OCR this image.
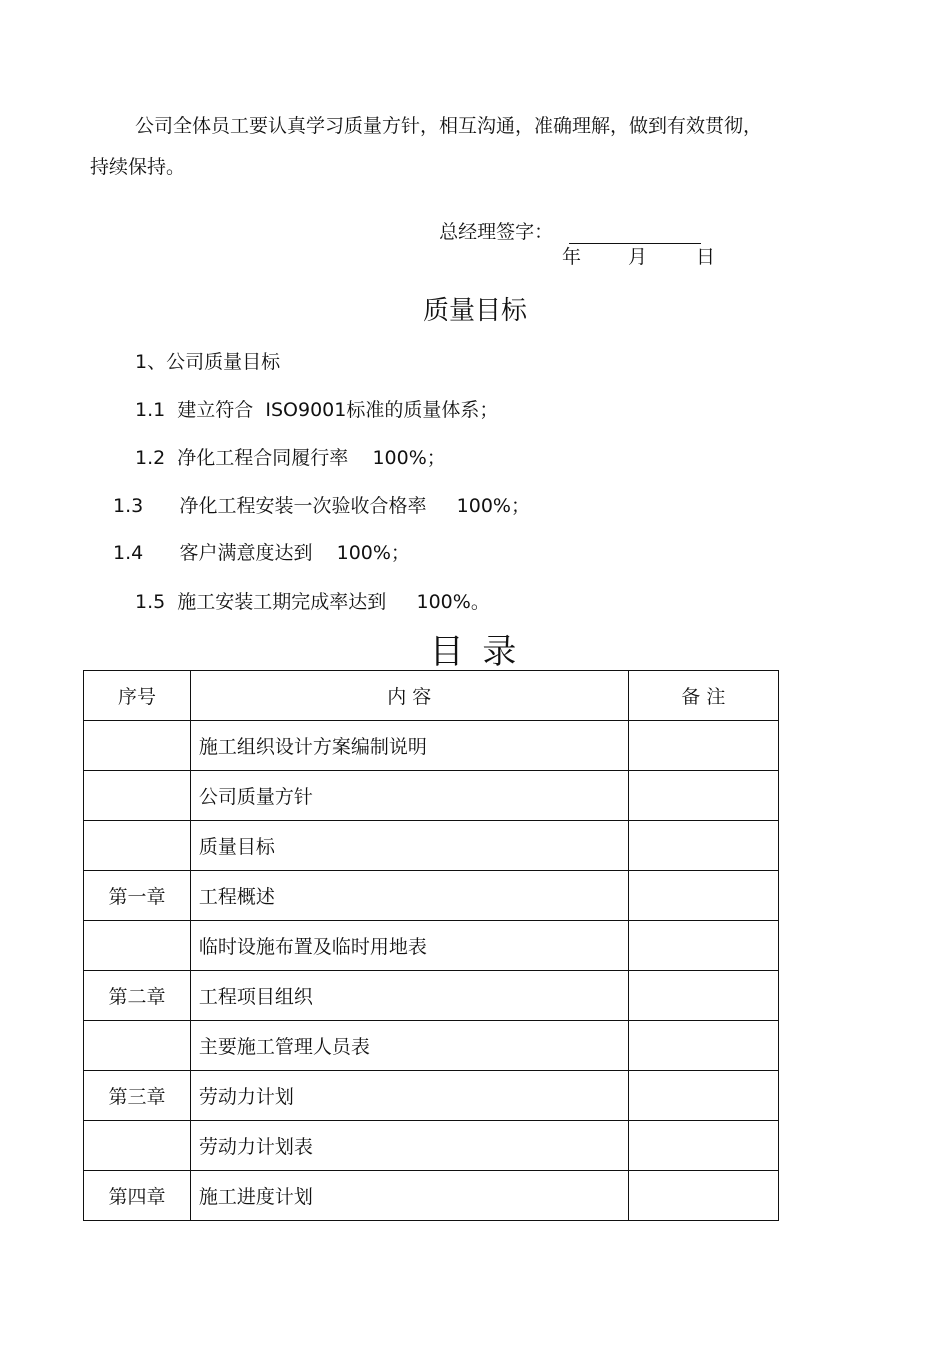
公司全体员工要认真学习质量方针，相互沟通，准确理解，做到有效贯彻，
持续保持。

总经理签字：

年 月	日
质量目标
1、公司质量目标
1.1  建立符合  ISO9001标准的质量体系；
1.2  净化工程合同履行率    100%；
1.3      净化工程安装一次验收合格率     100%；
1.4      客户满意度达到    100%；
1.5  施工安装工期完成率达到     100%。
目 录
序号	内 容	备 注
	施工组织设计方案编制说明	
	公司质量方针	
	质量目标	
第一章	工程概述	
	临时设施布置及临时用地表	
第二章	工程项目组织	
	主要施工管理人员表	
第三章	劳动力计划	
	劳动力计划表	
第四章	施工进度计划	
